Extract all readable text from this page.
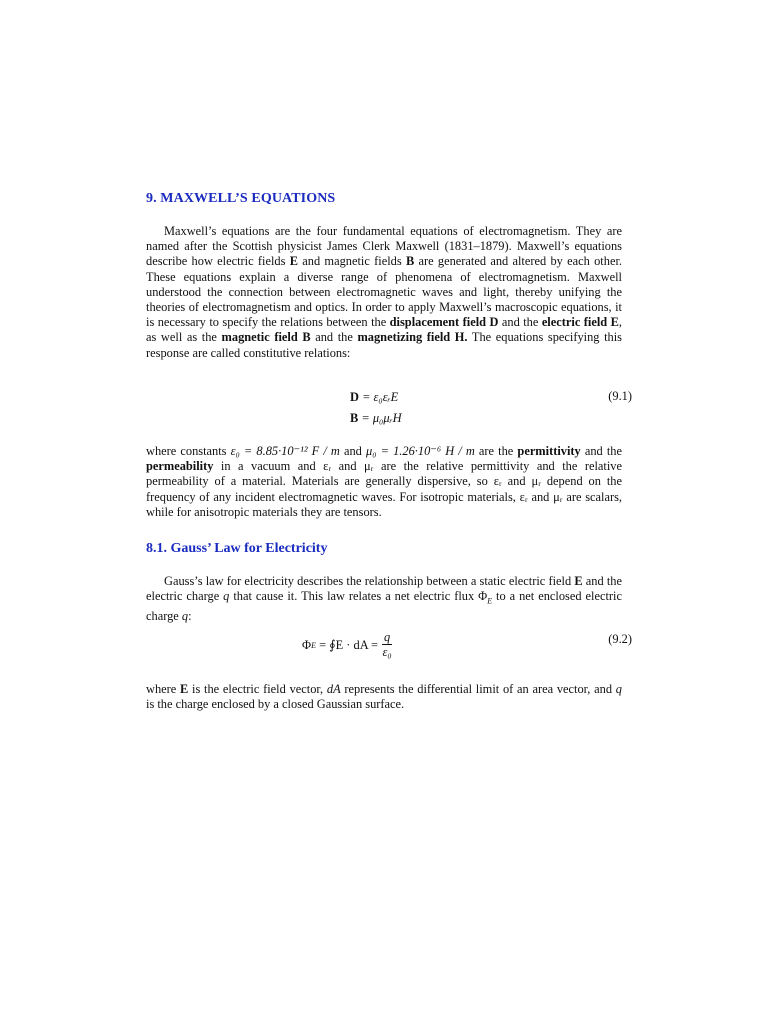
9. MAXWELL’S EQUATIONS
Maxwell’s equations are the four fundamental equations of electromagnetism. They are named after the Scottish physicist James Clerk Maxwell (1831–1879). Maxwell’s equations describe how electric fields E and magnetic fields B are generated and altered by each other. These equations explain a diverse range of phenomena of electromagnetism. Maxwell understood the connection between electromagnetic waves and light, thereby unifying the theories of electromagnetism and optics. In order to apply Maxwell’s macroscopic equations, it is necessary to specify the relations between the displacement field D and the electric field E, as well as the magnetic field B and the magnetizing field H. The equations specifying this response are called constitutive relations:
D = ε₀εᵣE
B = μ₀μᵣH
(9.1)
where constants ε₀ = 8.85·10⁻¹² F / m and μ₀ = 1.26·10⁻⁶ H / m are the permittivity and the permeability in a vacuum and εᵣ and μᵣ are the relative permittivity and the relative permeability of a material. Materials are generally dispersive, so εᵣ and μᵣ depend on the frequency of any incident electromagnetic waves. For isotropic materials, εᵣ and μᵣ are scalars, while for anisotropic materials they are tensors.
8.1. Gauss’ Law for Electricity
Gauss’s law for electricity describes the relationship between a static electric field E and the electric charge q that cause it. This law relates a net electric flux $\Phi_E$ to a net enclosed electric charge q:
Φ E
= ∮E · dA = $\frac{q}{\text{ε₀}}$	(9.2)
where E is the electric field vector, dA represents the differential limit of an area vector, and q is the charge enclosed by a closed Gaussian surface.
